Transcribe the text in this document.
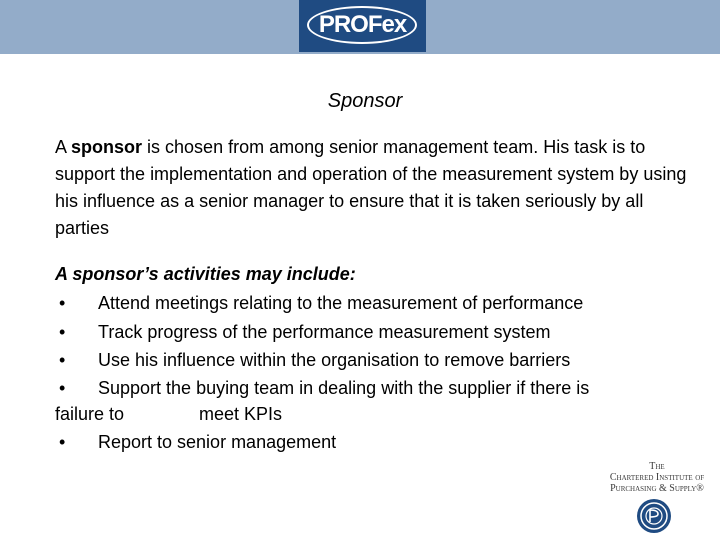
PROFex
Sponsor

A sponsor is chosen from among senior management team. His task is to support the implementation and operation of the measurement system by using his influence as a senior manager to ensure that it is taken seriously by all parties

A sponsor’s activities may include:
• Attend meetings relating to the measurement of performance
• Track progress of the performance measurement system
• Use his influence within the organisation to remove barriers
• Support the buying team in dealing with the supplier if there is
• Report to senior management
failure to	meet KPIs
The
Chartered Institute of
Purchasing & Supply®
